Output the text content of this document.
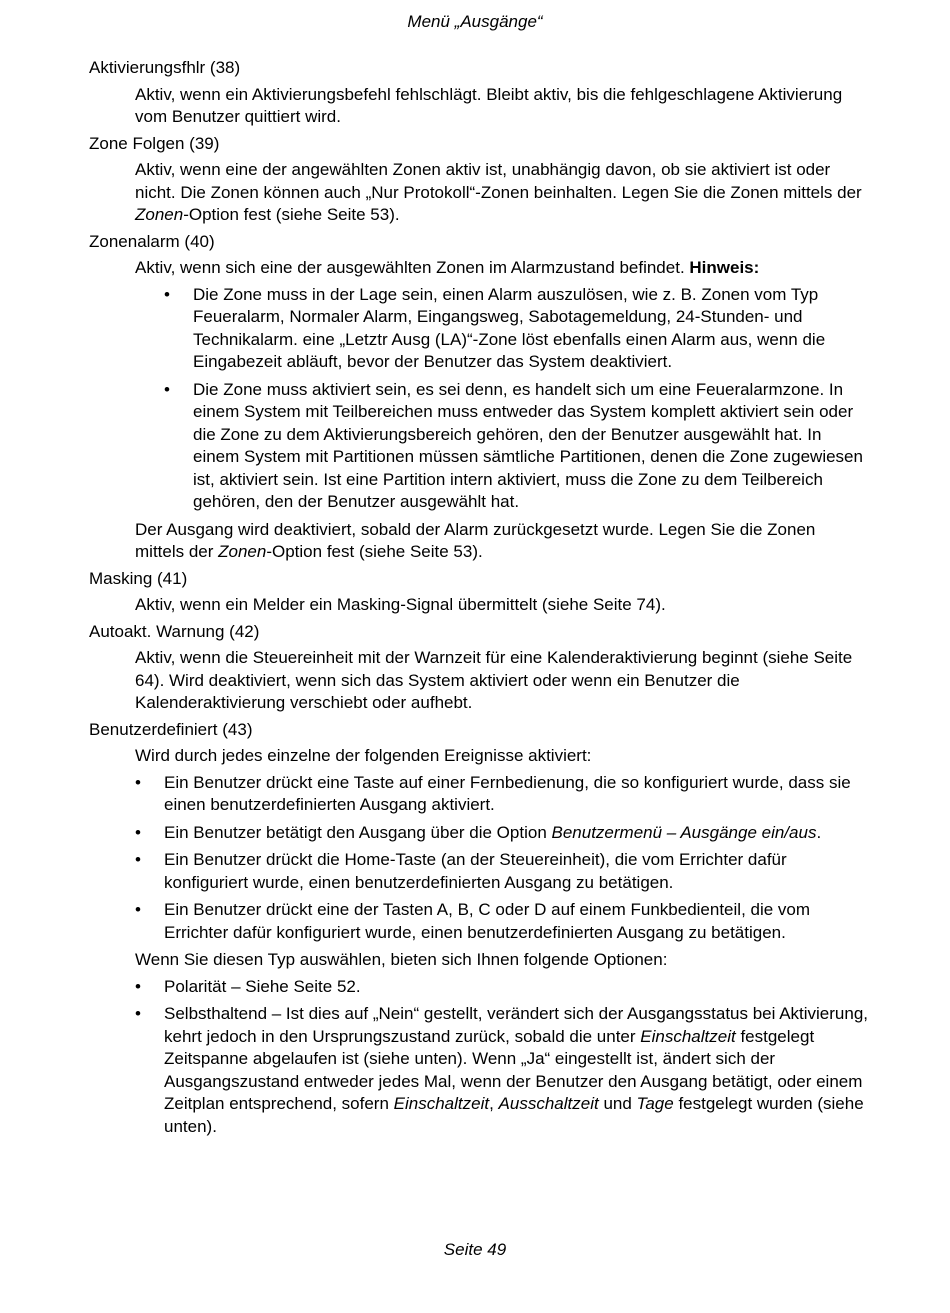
Menü „Ausgänge“
Aktivierungsfhlr (38)
Aktiv, wenn ein Aktivierungsbefehl fehlschlägt. Bleibt aktiv, bis die fehlgeschlagene Aktivierung vom Benutzer quittiert wird.
Zone Folgen (39)
Aktiv, wenn eine der angewählten Zonen aktiv ist, unabhängig davon, ob sie aktiviert ist oder nicht. Die Zonen können auch „Nur Protokoll“-Zonen beinhalten. Legen Sie die Zonen mittels der Zonen-Option fest (siehe Seite 53).
Zonenalarm (40)
Aktiv, wenn sich eine der ausgewählten Zonen im Alarmzustand befindet. Hinweis:
• Die Zone muss in der Lage sein, einen Alarm auszulösen, wie z. B. Zonen vom Typ Feueralarm, Normaler Alarm, Eingangsweg, Sabotagemeldung, 24-Stunden- und Technikalarm. eine „Letztr Ausg (LA)“-Zone löst ebenfalls einen Alarm aus, wenn die Eingabezeit abläuft, bevor der Benutzer das System deaktiviert.
• Die Zone muss aktiviert sein, es sei denn, es handelt sich um eine Feueralarmzone. In einem System mit Teilbereichen muss entweder das System komplett aktiviert sein oder die Zone zu dem Aktivierungsbereich gehören, den der Benutzer ausgewählt hat. In einem System mit Partitionen müssen sämtliche Partitionen, denen die Zone zugewiesen ist, aktiviert sein. Ist eine Partition intern aktiviert, muss die Zone zu dem Teilbereich gehören, den der Benutzer ausgewählt hat.
Der Ausgang wird deaktiviert, sobald der Alarm zurückgesetzt wurde. Legen Sie die Zonen mittels der Zonen-Option fest (siehe Seite 53).
Masking (41)
Aktiv, wenn ein Melder ein Masking-Signal übermittelt (siehe Seite 74).
Autoakt. Warnung (42)
Aktiv, wenn die Steuereinheit mit der Warnzeit für eine Kalenderaktivierung beginnt (siehe Seite 64). Wird deaktiviert, wenn sich das System aktiviert oder wenn ein Benutzer die Kalenderaktivierung verschiebt oder aufhebt.
Benutzerdefiniert (43)
Wird durch jedes einzelne der folgenden Ereignisse aktiviert:
• Ein Benutzer drückt eine Taste auf einer Fernbedienung, die so konfiguriert wurde, dass sie einen benutzerdefinierten Ausgang aktiviert.
• Ein Benutzer betätigt den Ausgang über die Option Benutzermenü – Ausgänge ein/aus.
• Ein Benutzer drückt die Home-Taste (an der Steuereinheit), die vom Errichter dafür konfiguriert wurde, einen benutzerdefinierten Ausgang zu betätigen.
• Ein Benutzer drückt eine der Tasten A, B, C oder D auf einem Funkbedienteil, die vom Errichter dafür konfiguriert wurde, einen benutzerdefinierten Ausgang zu betätigen.
Wenn Sie diesen Typ auswählen, bieten sich Ihnen folgende Optionen:
• Polarität – Siehe Seite 52.
• Selbsthaltend – Ist dies auf „Nein“ gestellt, verändert sich der Ausgangsstatus bei Aktivierung, kehrt jedoch in den Ursprungszustand zurück, sobald die unter Einschaltzeit festgelegt Zeitspanne abgelaufen ist (siehe unten). Wenn „Ja“ eingestellt ist, ändert sich der Ausgangszustand entweder jedes Mal, wenn der Benutzer den Ausgang betätigt, oder einem Zeitplan entsprechend, sofern Einschaltzeit, Ausschaltzeit und Tage festgelegt wurden (siehe unten).
Seite 49
